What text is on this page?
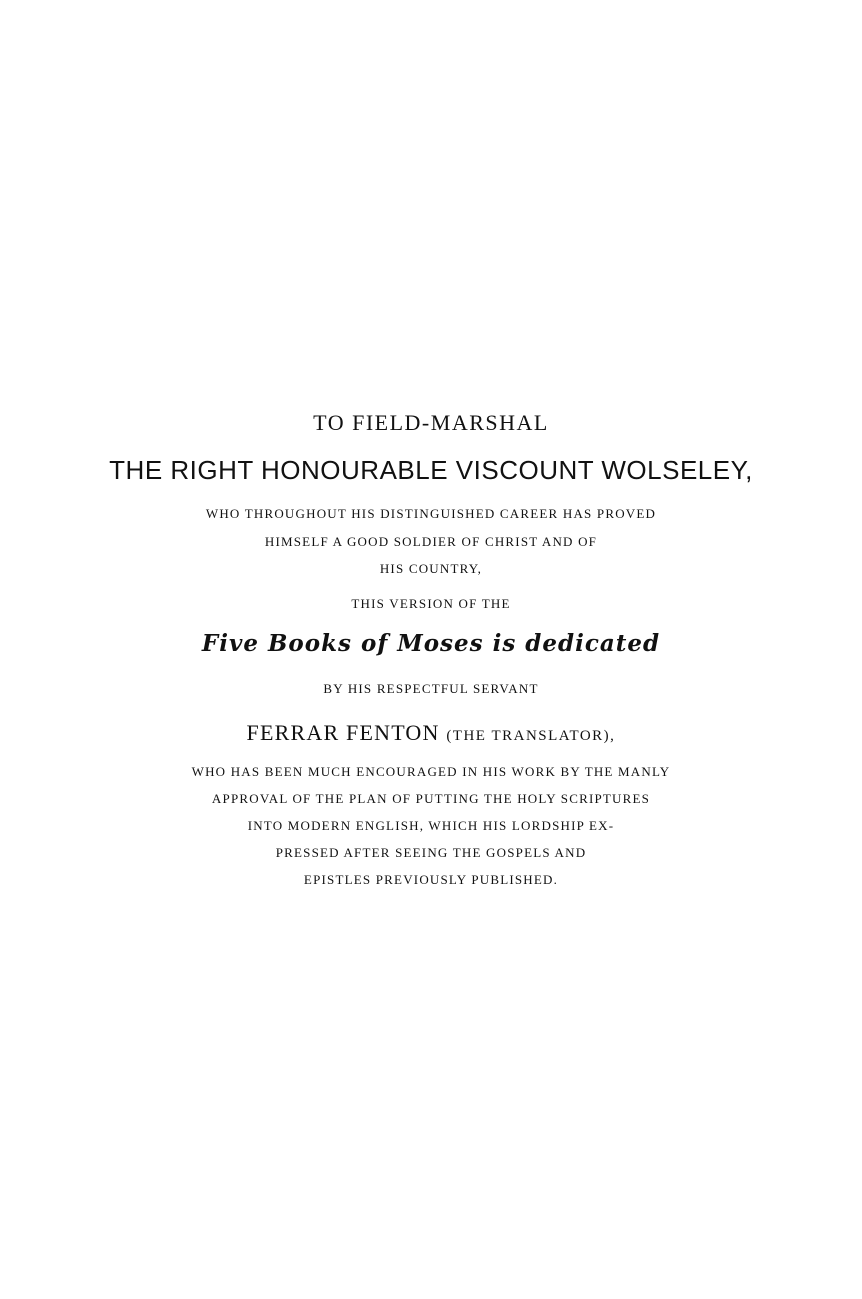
TO FIELD-MARSHAL

THE RIGHT HONOURABLE VISCOUNT WOLSELEY,

WHO THROUGHOUT HIS DISTINGUISHED CAREER HAS PROVED

HIMSELF A GOOD SOLDIER OF CHRIST AND OF

HIS COUNTRY,

THIS VERSION OF THE

Five Books of Moses is dedicated

BY HIS RESPECTFUL SERVANT

FERRAR FENTON (THE TRANSLATOR),

WHO HAS BEEN MUCH ENCOURAGED IN HIS WORK BY THE MANLY

APPROVAL OF THE PLAN OF PUTTING THE HOLY SCRIPTURES

INTO MODERN ENGLISH, WHICH HIS LORDSHIP EX-

PRESSED AFTER SEEING THE GOSPELS AND

EPISTLES PREVIOUSLY PUBLISHED.
